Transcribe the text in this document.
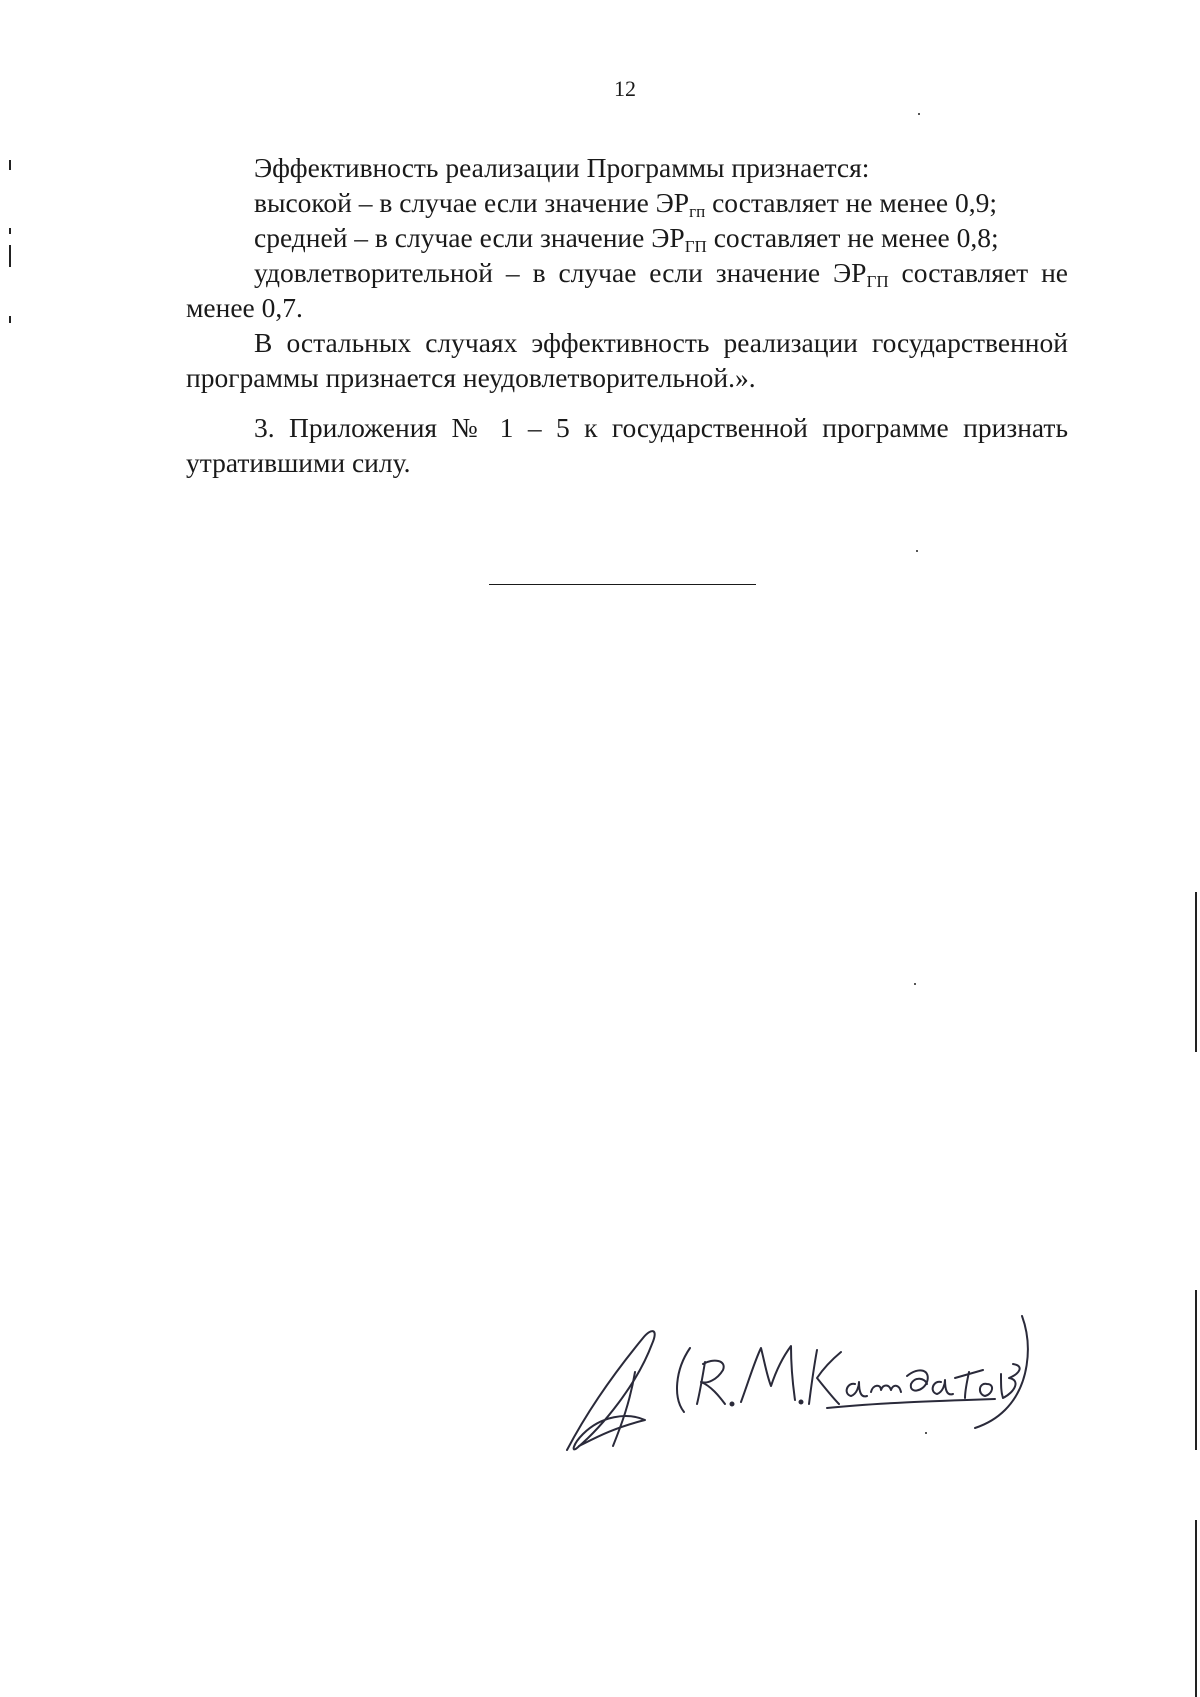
12

Эффективность реализации Программы признается:

высокой – в случае если значение $ЭР_{гп}$ составляет не менее 0,9;

средней – в случае если значение $ЭР_{ГП}$ составляет не менее 0,8;

удовлетворительной – в случае если значение $ЭР_{ГП}$ составляет не менее 0,7.

В остальных случаях эффективность реализации государственной программы признается неудовлетворительной.».

3. Приложения № 1 – 5 к государственной программе признать утратившими силу.
